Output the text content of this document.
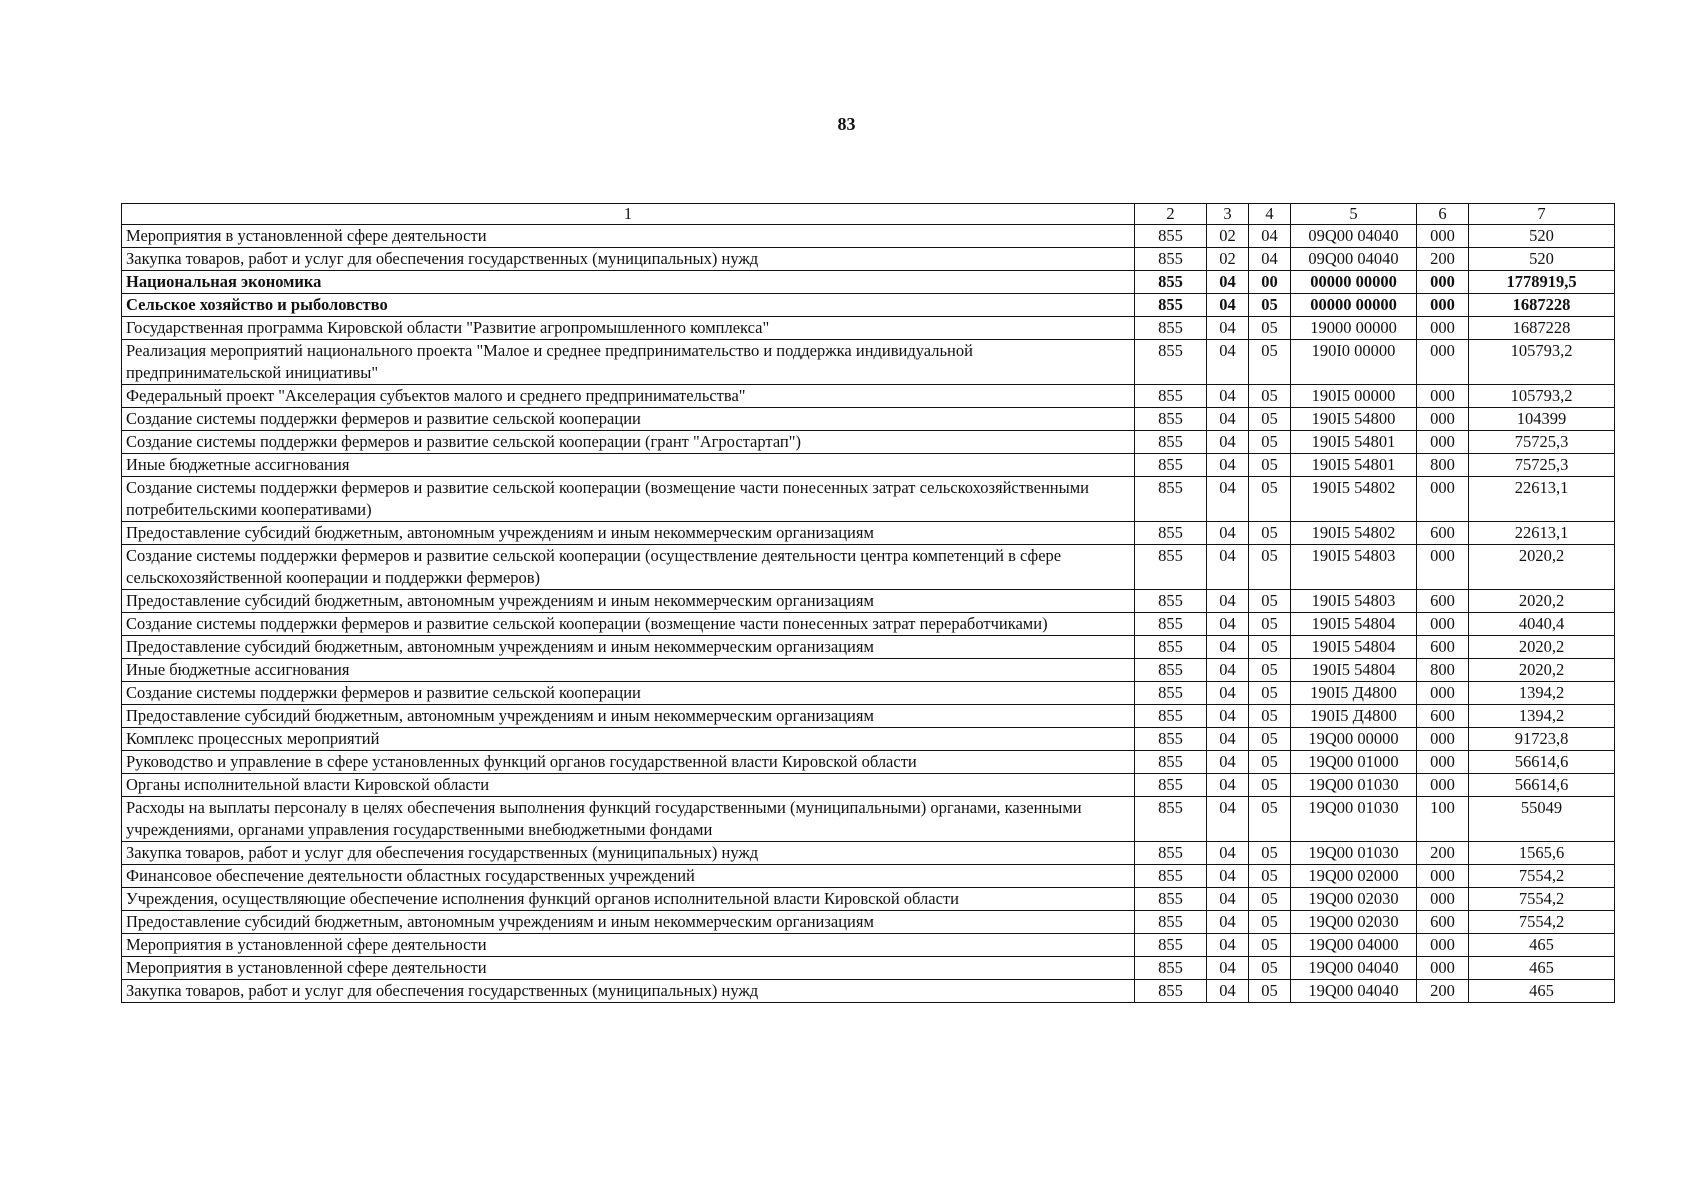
83
1	2	3	4	5	6	7
Мероприятия в установленной сфере деятельности	855	02	04	09Q00 04040	000	520
Закупка товаров, работ и услуг для обеспечения государственных (муниципальных) нужд	855	02	04	09Q00 04040	200	520
Национальная экономика	855	04	00	00000 00000	000	1778919,5
Сельское хозяйство и рыболовство	855	04	05	00000 00000	000	1687228
Государственная программа Кировской области "Развитие агропромышленного комплекса"	855	04	05	19000 00000	000	1687228
Реализация мероприятий национального проекта "Малое и среднее предпринимательство и поддержка индивидуальной предпринимательской инициативы"	855	04	05	190I0 00000	000	105793,2
Федеральный проект "Акселерация субъектов малого и среднего предпринимательства"	855	04	05	190I5 00000	000	105793,2
Создание системы поддержки фермеров и развитие сельской кооперации	855	04	05	190I5 54800	000	104399
Создание системы поддержки фермеров и развитие сельской кооперации (грант "Агростартап")	855	04	05	190I5 54801	000	75725,3
Иные бюджетные ассигнования	855	04	05	190I5 54801	800	75725,3
Создание системы поддержки фермеров и развитие сельской кооперации (возмещение части понесенных затрат сельскохозяйственными потребительскими кооперативами)	855	04	05	190I5 54802	000	22613,1
Предоставление субсидий бюджетным, автономным учреждениям и иным некоммерческим организациям	855	04	05	190I5 54802	600	22613,1
Создание системы поддержки фермеров и развитие сельской кооперации (осуществление деятельности центра компетенций в сфере сельскохозяйственной кооперации и поддержки фермеров)	855	04	05	190I5 54803	000	2020,2
Предоставление субсидий бюджетным, автономным учреждениям и иным некоммерческим организациям	855	04	05	190I5 54803	600	2020,2
Создание системы поддержки фермеров и развитие сельской кооперации (возмещение части понесенных затрат переработчиками)	855	04	05	190I5 54804	000	4040,4
Предоставление субсидий бюджетным, автономным учреждениям и иным некоммерческим организациям	855	04	05	190I5 54804	600	2020,2
Иные бюджетные ассигнования	855	04	05	190I5 54804	800	2020,2
Создание системы поддержки фермеров и развитие сельской кооперации	855	04	05	190I5 Д4800	000	1394,2
Предоставление субсидий бюджетным, автономным учреждениям и иным некоммерческим организациям	855	04	05	190I5 Д4800	600	1394,2
Комплекс процессных мероприятий	855	04	05	19Q00 00000	000	91723,8
Руководство и управление в сфере установленных функций органов государственной власти Кировской области	855	04	05	19Q00 01000	000	56614,6
Органы исполнительной власти Кировской области	855	04	05	19Q00 01030	000	56614,6
Расходы на выплаты персоналу в целях обеспечения выполнения функций государственными (муниципальными) органами, казенными учреждениями, органами управления государственными внебюджетными фондами	855	04	05	19Q00 01030	100	55049
Закупка товаров, работ и услуг для обеспечения государственных (муниципальных) нужд	855	04	05	19Q00 01030	200	1565,6
Финансовое обеспечение деятельности областных государственных учреждений	855	04	05	19Q00 02000	000	7554,2
Учреждения, осуществляющие обеспечение исполнения функций органов исполнительной власти Кировской области	855	04	05	19Q00 02030	000	7554,2
Предоставление субсидий бюджетным, автономным учреждениям и иным некоммерческим организациям	855	04	05	19Q00 02030	600	7554,2
Мероприятия в установленной сфере деятельности	855	04	05	19Q00 04000	000	465
Мероприятия в установленной сфере деятельности	855	04	05	19Q00 04040	000	465
Закупка товаров, работ и услуг для обеспечения государственных (муниципальных) нужд	855	04	05	19Q00 04040	200	465
